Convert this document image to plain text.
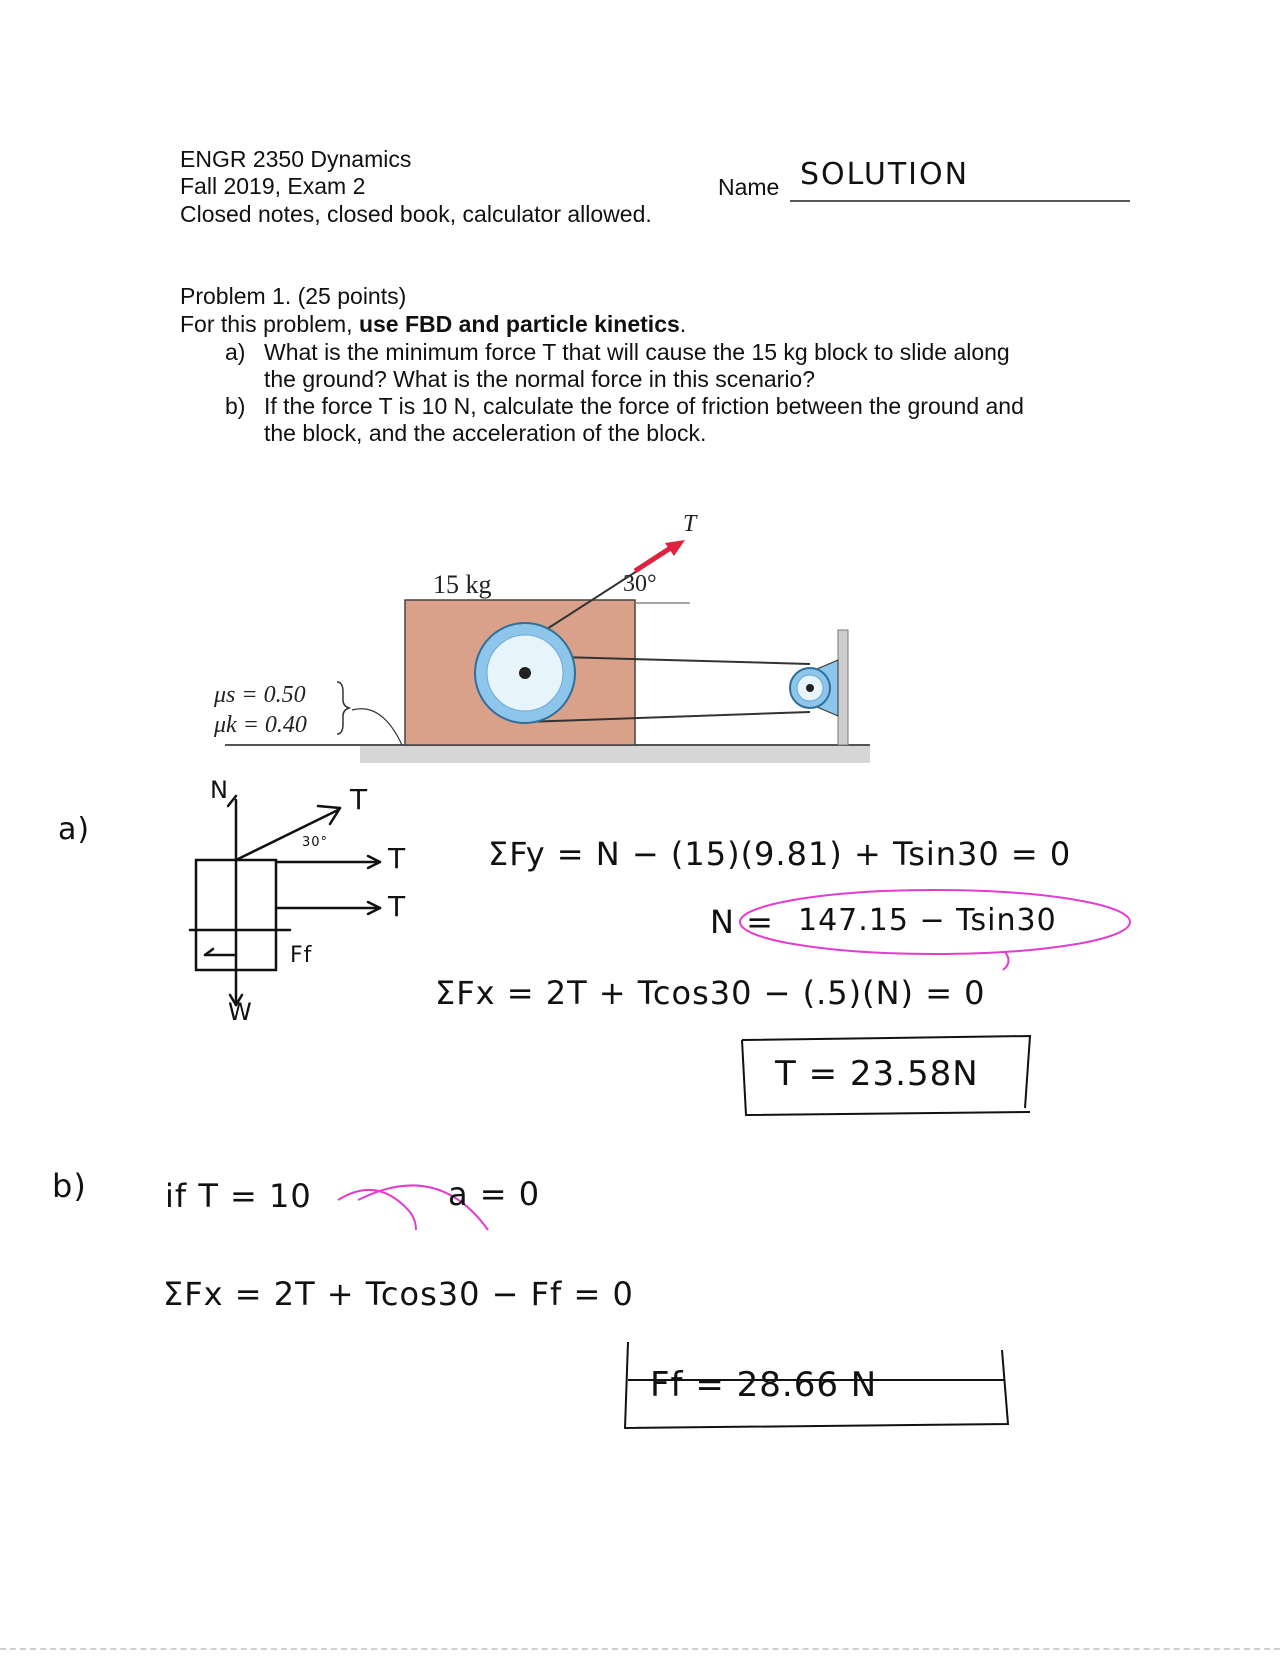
ENGR 2350 Dynamics
Fall 2019, Exam 2
Closed notes, closed book, calculator allowed.
Name SOLUTION
Problem 1. (25 points)
For this problem, use FBD and particle kinetics.
a) What is the minimum force T that will cause the 15 kg block to slide along
the ground? What is the normal force in this scenario?
b) If the force T is 10 N, calculate the force of friction between the ground and
the block, and the acceleration of the block.
15 kg	30°
T
μs = 0.50
μk = 0.40
a)
N
W
Ff
T
T
T
30°	ΣFy = N − (15)(9.81) + Tsin30 = 0
N = 147.15 − Tsin30
ΣFx = 2T + Tcos30 − (.5)(N) = 0
T = 23.58N
b) if T = 10	a = 0
ΣFx = 2T + Tcos30 − Ff = 0
Ff = 28.66 N
